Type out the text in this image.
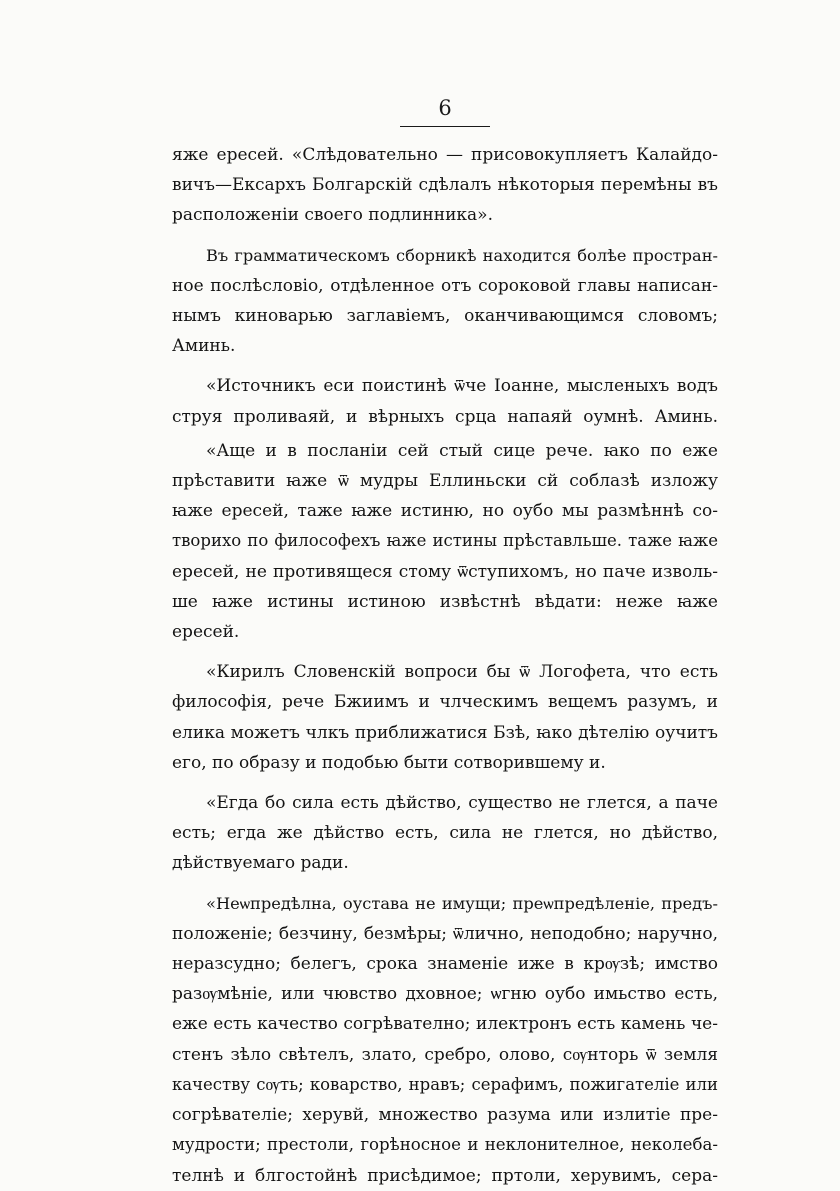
6

яже ересей. «Слѣдовательно — присовокупляетъ Калайдо-
вичъ—Ексархъ Болгарскій сдѣлалъ нѣкоторыя перемѣны въ
расположеніи своего подлинника».

Въ грамматическомъ сборникѣ находится болѣе простран-
ное послѣсловіо, отдѣленное отъ сороковой главы написан-
нымъ киноварью заглавіемъ, оканчивающимся словомъ;
Аминь.

«Источникъ еси поистинѣ ѿче Іоанне, мысленыхъ водъ
струя проливаяй, и вѣрныхъ срца напаяй оумнѣ. Аминь.

«Аще и в посланіи сей стый сице рече. ꙗко по еже
прѣставити ꙗже ѿ мудры Еллиньски сй соблазѣ изложу
ꙗже ересей, таже ꙗже истиню, но оубо мы размѣннѣ со-
творихо по философехъ ꙗже истины прѣставльше. таже ꙗже
ересей, не противящеся стому ѿступихомъ, но паче изволь-
ше ꙗже истины истиною извѣстнѣ вѣдати: неже ꙗже
ересей.

«Кирилъ Словенскій вопроси бы ѿ Логофета, что есть
философія, рече Бжиимъ и члческимъ вещемъ разумъ, и
елика можетъ члкъ приближатися Бзѣ, ꙗко дѣтелію оучитъ
его, по образу и подобью быти сотворившему и.

«Егда бо сила есть дѣйство, существо не глется, а паче
есть; егда же дѣйство есть, сила не глется, но дѣйство,
дѣйствуемаго ради.

«Неѡпредѣлна, оустава не имущи; преѡпредѣленіе, предъ-
положеніе; безчину, безмѣры; ѿлично, неподобно; наручно,
неразсудно; белегъ, срока знаменіе иже в крѹзѣ; имство
разѹмѣніе, или чювство дховное; ѡгню оубо имьство есть,
еже есть качество согрѣвателно; илектронъ есть камень че-
стенъ зѣло свѣтелъ, злато, сребро, олово, сѹнторь ѿ земля
качеству сѹть; коварство, нравъ; серафимъ, пожигателіе или
согрѣвателіе; херувй, множество разума или излитіе пре-
мудрости; престоли, горѣносное и неклонителное, неколеба-
телнѣ и блгостойнѣ присѣдимое; пртоли, херувимъ, сера-
